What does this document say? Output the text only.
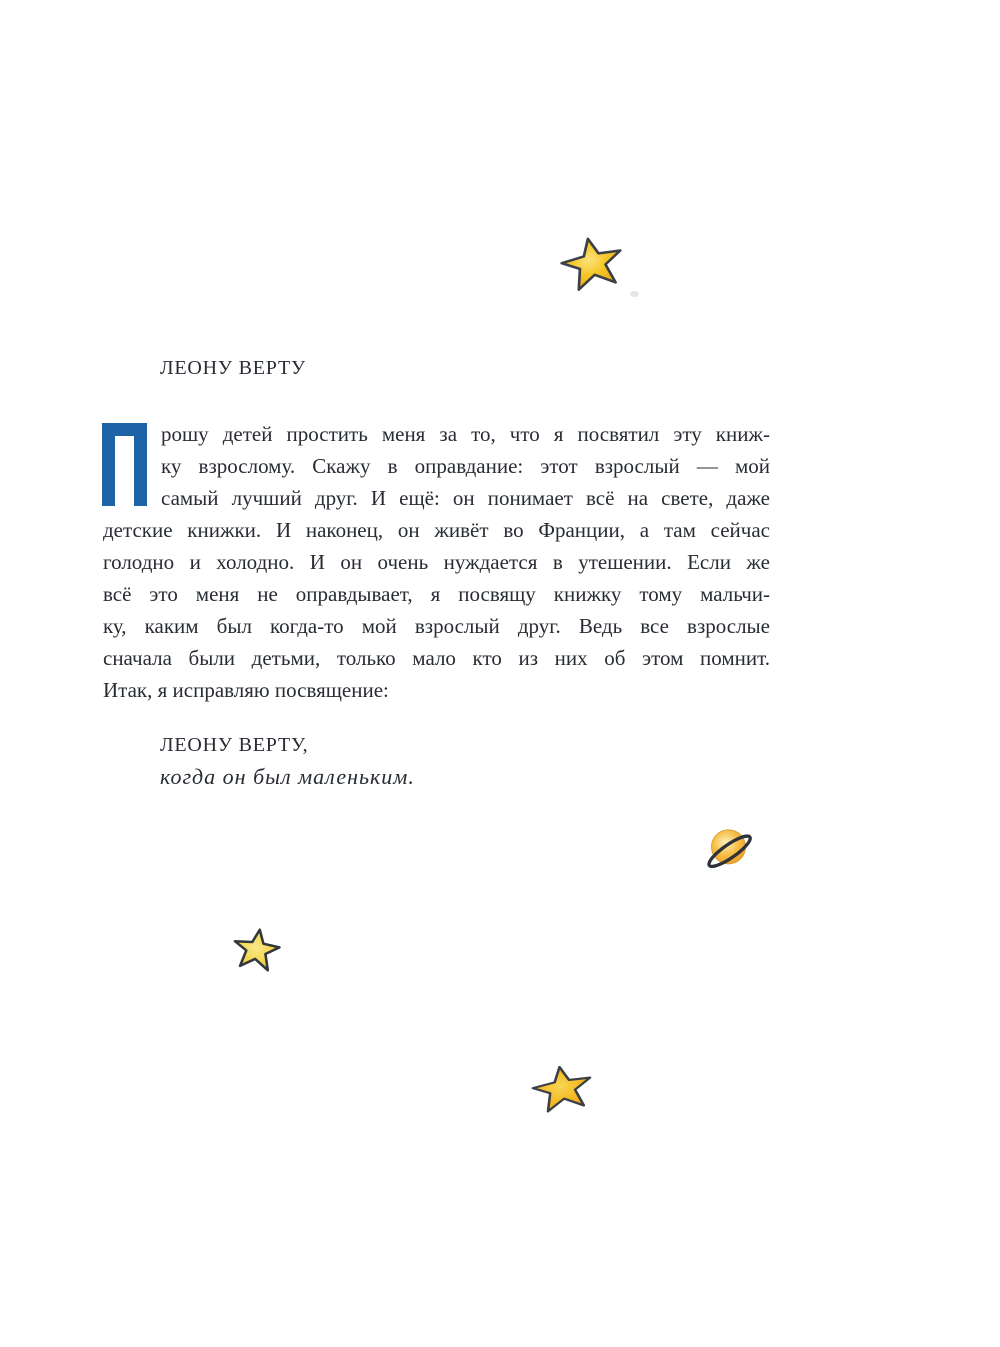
ЛЕОНУ ВЕРТУ
рошу детей простить меня за то, что я посвятил эту книж-
ку взрослому. Скажу в оправдание: этот взрослый — мой
самый лучший друг. И ещё: он понимает всё на свете, даже
детские книжки. И наконец, он живёт во Франции, а там сейчас
голодно и холодно. И он очень нуждается в утешении. Если же
всё это меня не оправдывает, я посвящу книжку тому мальчи-
ку, каким был когда-то мой взрослый друг. Ведь все взрослые
сначала были детьми, только мало кто из них об этом помнит.
Итак, я исправляю посвящение:
ЛЕОНУ ВЕРТУ,
когда он был маленьким.
